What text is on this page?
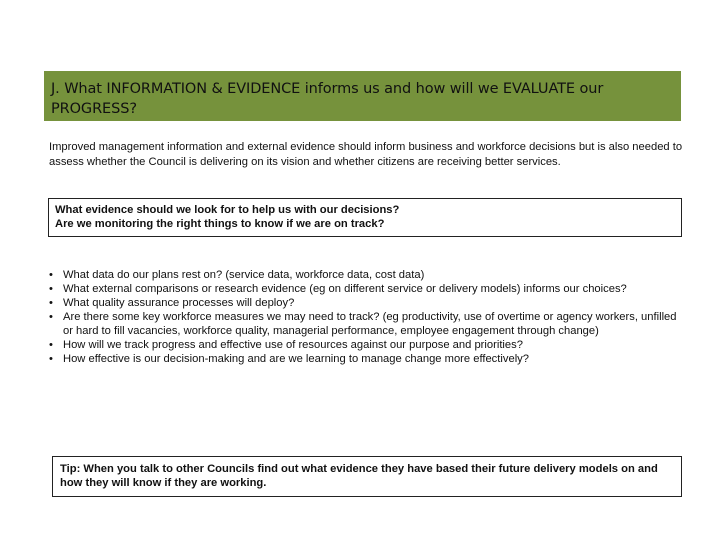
J. What INFORMATION & EVIDENCE informs us and how will we EVALUATE our PROGRESS?

Improved management information and external evidence should inform business and workforce decisions but is also needed to assess whether the Council is delivering on its vision and whether citizens are receiving better services.

What evidence should we look for to help us with our decisions?

Are we monitoring the right things to know if we are on track?

• What data do our plans rest on? (service data, workforce data, cost data)
• What external comparisons or research evidence (eg on different service or delivery models) informs our choices?
• What quality assurance processes will deploy?
• Are there some key workforce measures we may need to track? (eg productivity, use of overtime or agency workers, unfilled or hard to fill vacancies, workforce quality, managerial performance, employee engagement through change)
• How will we track progress and effective use of resources against our purpose and priorities?
• How effective is our decision-making and are we learning to manage change more effectively?

Tip: When you talk to other Councils find out what evidence they have based their future delivery models on and how they will know if they are working.
